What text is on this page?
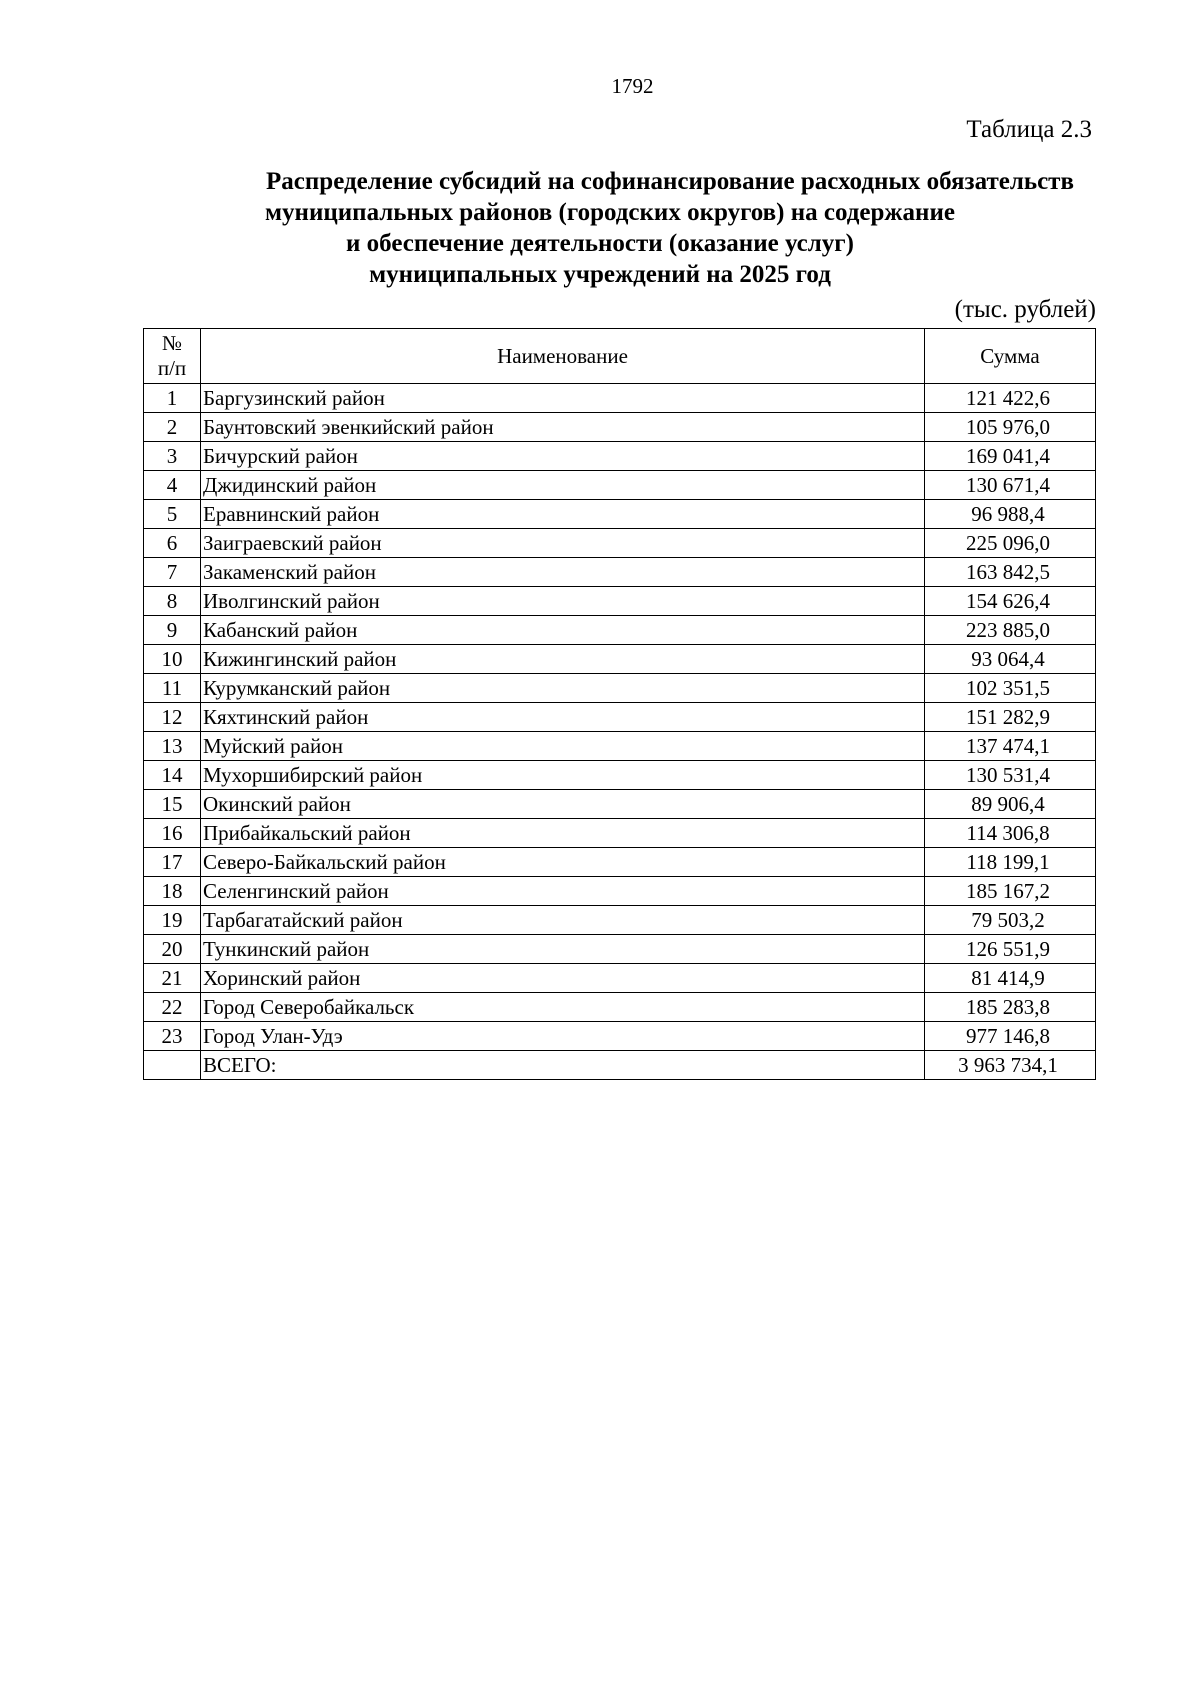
1792
Таблица 2.3
Распределение субсидий на софинансирование расходных обязательств
муниципальных районов (городских округов) на содержание
и обеспечение деятельности (оказание услуг)
муниципальных учреждений на 2025 год
(тыс. рублей)
№
п/п	Наименование	Сумма
1	Баргузинский район	121 422,6
2	Баунтовский эвенкийский район	105 976,0
3	Бичурский район	169 041,4
4	Джидинский район	130 671,4
5	Еравнинский район	96 988,4
6	Заиграевский район	225 096,0
7	Закаменский район	163 842,5
8	Иволгинский район	154 626,4
9	Кабанский район	223 885,0
10	Кижингинский район	93 064,4
11	Курумканский район	102 351,5
12	Кяхтинский район	151 282,9
13	Муйский район	137 474,1
14	Мухоршибирский район	130 531,4
15	Окинский район	89 906,4
16	Прибайкальский район	114 306,8
17	Северо-Байкальский район	118 199,1
18	Селенгинский район	185 167,2
19	Тарбагатайский район	79 503,2
20	Тункинский район	126 551,9
21	Хоринский район	81 414,9
22	Город Северобайкальск	185 283,8
23	Город Улан-Удэ	977 146,8
	ВСЕГО:	3 963 734,1
